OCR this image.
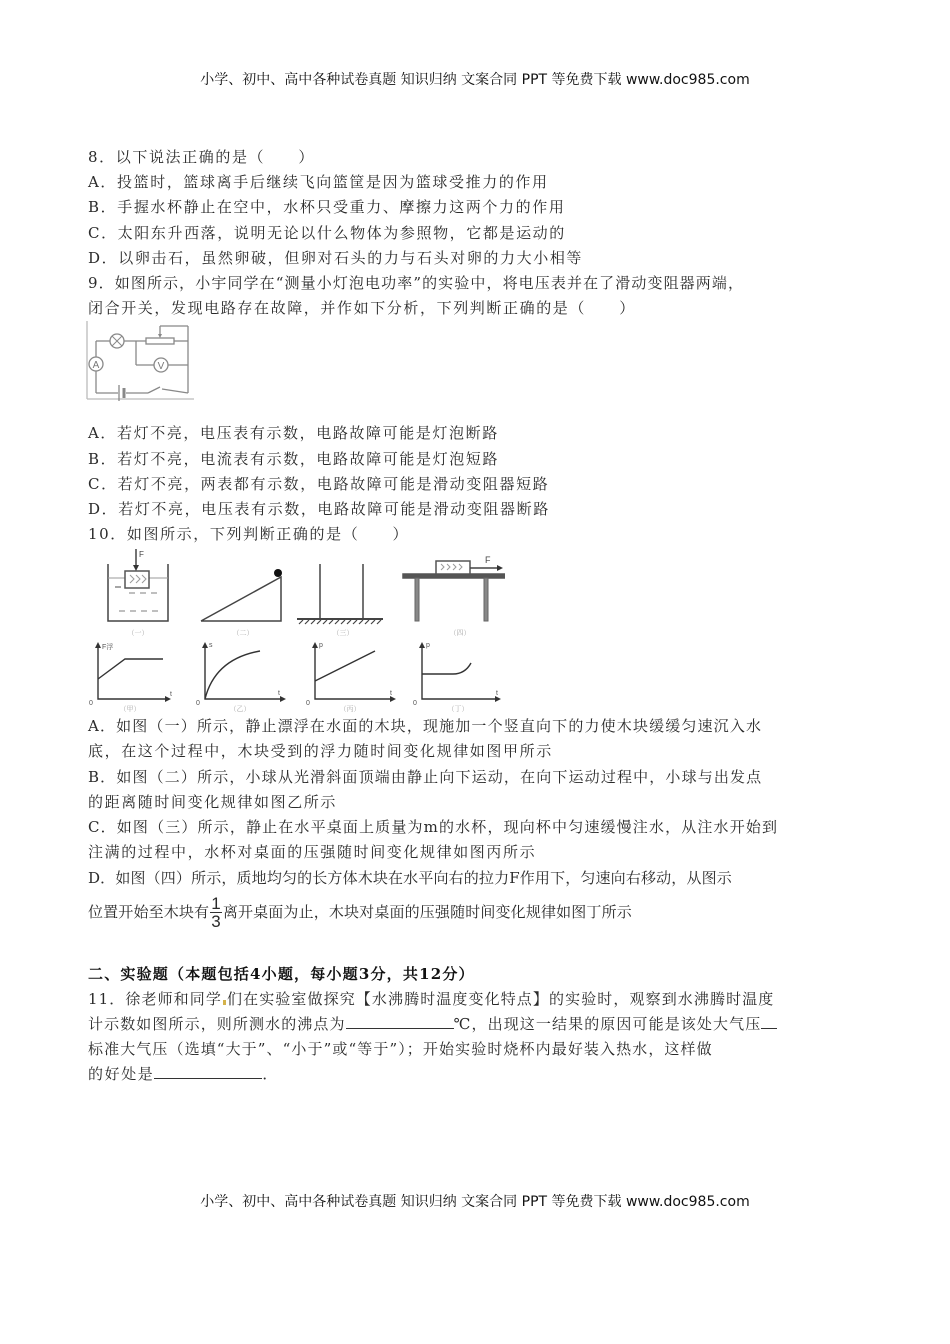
小学、初中、高中各种试卷真题 知识归纳 文案合同 PPT 等免费下载 www.doc985.com
8．以下说法正确的是（　　）
A．投篮时，篮球离手后继续飞向篮筐是因为篮球受推力的作用
B．手握水杯静止在空中，水杯只受重力、摩擦力这两个力的作用
C．太阳东升西落，说明无论以什么物体为参照物，它都是运动的
D．以卵击石，虽然卵破，但卵对石头的力与石头对卵的力大小相等
9．如图所示，小宇同学在“测量小灯泡电功率”的实验中，将电压表并在了滑动变阻器两端，
闭合开关，发现电路存在故障，并作如下分析，下列判断正确的是（　　）
A	V
A．若灯不亮，电压表有示数，电路故障可能是灯泡断路
B．若灯不亮，电流表有示数，电路故障可能是灯泡短路
C．若灯不亮，两表都有示数，电路故障可能是滑动变阻器短路
D．若灯不亮，电压表有示数，电路故障可能是滑动变阻器断路
10．如图所示，下列判断正确的是（　　）
F
F
（一）	（二）	（三）	（四）
F浮	s	p	p
t	t	t	t
0	0	0	0
（甲）	（乙）	（丙）	（丁）
A．如图（一）所示，静止漂浮在水面的木块，现施加一个竖直向下的力使木块缓缓匀速沉入水
底，在这个过程中，木块受到的浮力随时间变化规律如图甲所示
B．如图（二）所示，小球从光滑斜面顶端由静止向下运动，在向下运动过程中，小球与出发点
的距离随时间变化规律如图乙所示
C．如图（三）所示，静止在水平桌面上质量为m的水杯，现向杯中匀速缓慢注水，从注水开始到
注满的过程中，水杯对桌面的压强随时间变化规律如图丙所示
D．如图（四）所示，质地均匀的长方体木块在水平向右的拉力F作用下，匀速向右移动，从图示
位置开始至木块有 $\frac{1}{3}$ 离开桌面为止，木块对桌面的压强随时间变化规律如图丁所示
二、实验题（本题包括4小题，每小题3分，共12分）
11．徐老师和同学 们在实验室做探究【水沸腾时温度变化特点】的实验时，观察到水沸腾时温度
计示数如图所示，则所测水的沸点为	℃，出现这一结果的原因可能是该处大气压
标准大气压（选填“大于”、“小于”或“等于”）；开始实验时烧杯内最好装入热水，这样做
的好处是	．
小学、初中、高中各种试卷真题 知识归纳 文案合同 PPT 等免费下载 www.doc985.com
